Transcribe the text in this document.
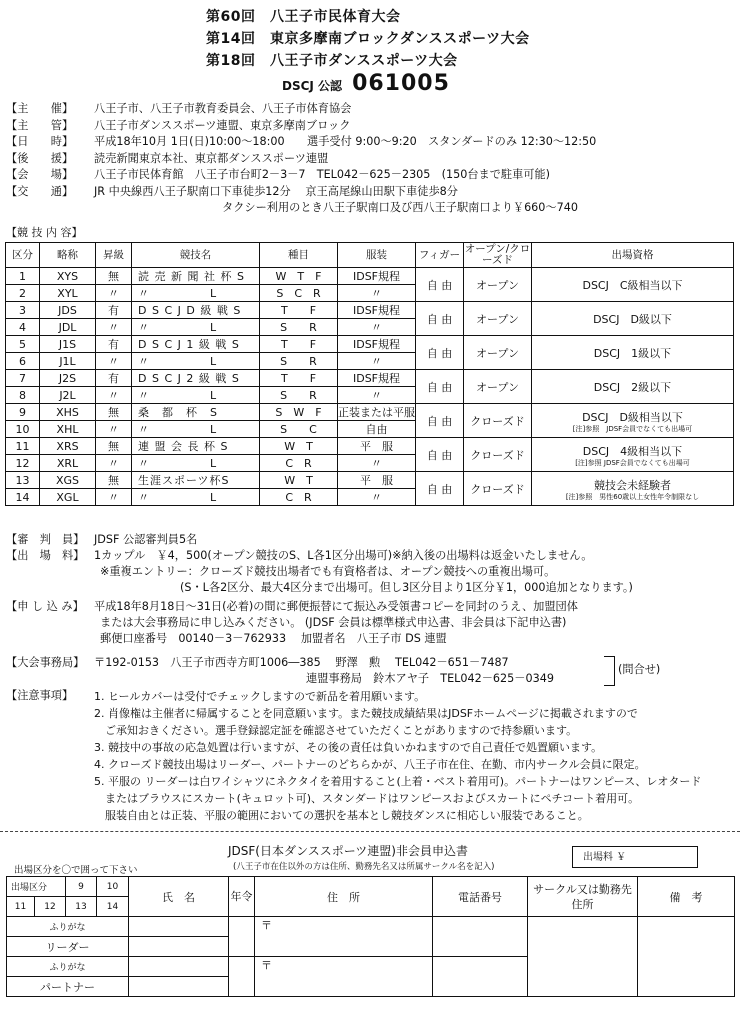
第60回　八王子市民体育大会
第14回　東京多摩南ブロックダンススポーツ大会
第18回　八王子市ダンススポーツ大会
DSCJ 公認 061005
【主　　催】	八王子市、八王子市教育委員会、八王子市体育協会
【主　　管】	八王子市ダンススポーツ連盟、東京多摩南ブロック
【日　　時】	平成18年10月 1日(日)10:00～18:00　　選手受付 9:00～9:20　スタンダードのみ 12:30～12:50
【後　　援】	読売新聞東京本社、東京都ダンススポーツ連盟
【会　　場】	八王子市民体育館　八王子市台町2－3－7　TEL042－625－2305　(150台まで駐車可能)
【交　　通】	JR 中央線西八王子駅南口下車徒歩12分　 京王高尾線山田駅下車徒歩8分
タクシー利用のとき八王子駅南口及び西八王子駅南口より￥660～740
【競 技 内 容】
区分	略称	昇級	競技名	種目	服装	フィガー	オープン/クローズド	出場資格
1	XYS	無	読 売 新 聞 社 杯 S	W　T　F	IDSF規程	自 由	オープン	DSCJ　C級相当以下

2	XYL	〃	〃　　　　　L	S　C　R	〃			
3	JDS	有	D S C J D 級 戦 S	T　　F	IDSF規程	自 由	オープン	DSCJ　D級以下

4	JDL	〃	〃　　　　　L	S　　R	〃			
5	J1S	有	D S C J 1 級 戦 S	T　　F	IDSF規程	自 由	オープン	DSCJ　1級以下

6	J1L	〃	〃　　　　　L	S　　R	〃			
7	J2S	有	D S C J 2 級 戦 S	T　　F	IDSF規程	自 由	オープン	DSCJ　2級以下

8	J2L	〃	〃　　　　　L	S　　R	〃			
9	XHS	無	桑　都　杯　S	S　W　F	正装または平服	自 由	クローズド	DSCJ　D級相当以下
[注]参照　JDSF会員でなくても出場可

10	XHL	〃	〃　　　　　L	S　　C	自由			
11	XRS	無	連 盟 会 長 杯 S	W　T	平　服	自 由	クローズド	DSCJ　4級相当以下
[注]参照 JDSF会員でなくても出場可

12	XRL	〃	〃　　　　　L	C　R	〃			
13	XGS	無	生涯スポーツ杯S	W　T	平　服	自 由	クローズド	競技会未経験者
[注]参照　男性60歳以上女性年令制限なし

14	XGL	〃	〃　　　　　L	C　R	〃			
【審　判　員】 JDSF 公認審判員5名
【出　場　料】 1カップル　￥4，500(オープン競技のS、L各1区分出場可)※納入後の出場料は返金いたしません。
※重複エントリー：クローズド競技出場者でも有資格者は、オープン競技への重複出場可。
(S・L各2区分、最大4区分まで出場可。但し3区分目より1区分￥1，000追加となります。)
【申 し 込 み】 平成18年8月18日～31日(必着)の間に郵便振替にて振込み受領書コピーを同封のうえ、加盟団体
または大会事務局に申し込みください。 (JDSF 会員は標準様式申込書、非会員は下記申込書)
郵便口座番号　00140－3－762933　 加盟者名　八王子市 DS 連盟
【大会事務局】 〒192-0153　八王子市西寺方町1006―385　 野澤　勲　 TEL042－651－7487
連盟事務局　鈴木アヤ子　TEL042－625－0349
(問合せ)
【注意事項】 1. ヒールカバーは受付でチェックしますので新品を着用願います。
2. 肖像権は主催者に帰属することを同意願います。また競技成績結果はJDSFホームページに掲載されますので
　ご承知おきください。選手登録認定証を確認させていただくことがありますので持参願います。
3. 競技中の事故の応急処置は行いますが、その後の責任は負いかねますので自己責任で処置願います。
4. クローズド競技出場はリーダー、パートナーのどちらかが、八王子市在住、在勤、市内サークル会員に限定。
5. 平服の リーダーは白ワイシャツにネクタイを着用すること(上着・ベスト着用可)。パートナーはワンピース、レオタード
　またはブラウスにスカート(キュロット可)、スタンダードはワンピースおよびスカートにペチコート着用可。
　服装自由とは正装、平服の範囲においての選択を基本とし競技ダンスに相応しい服装であること。
JDSF(日本ダンススポーツ連盟)非会員申込書
(八王子市在住以外の方は住所、勤務先名又は所属サークル名を記入)
出場料 ￥
出場区分を〇で囲って下さい
出場区分		9	10	氏　名	年令	住　所	電話番号	サークル又は勤務先住所	備　考
11	12	13	14						
ふりがな						〒			
リーダー									
ふりがな						〒			
パートナー									
